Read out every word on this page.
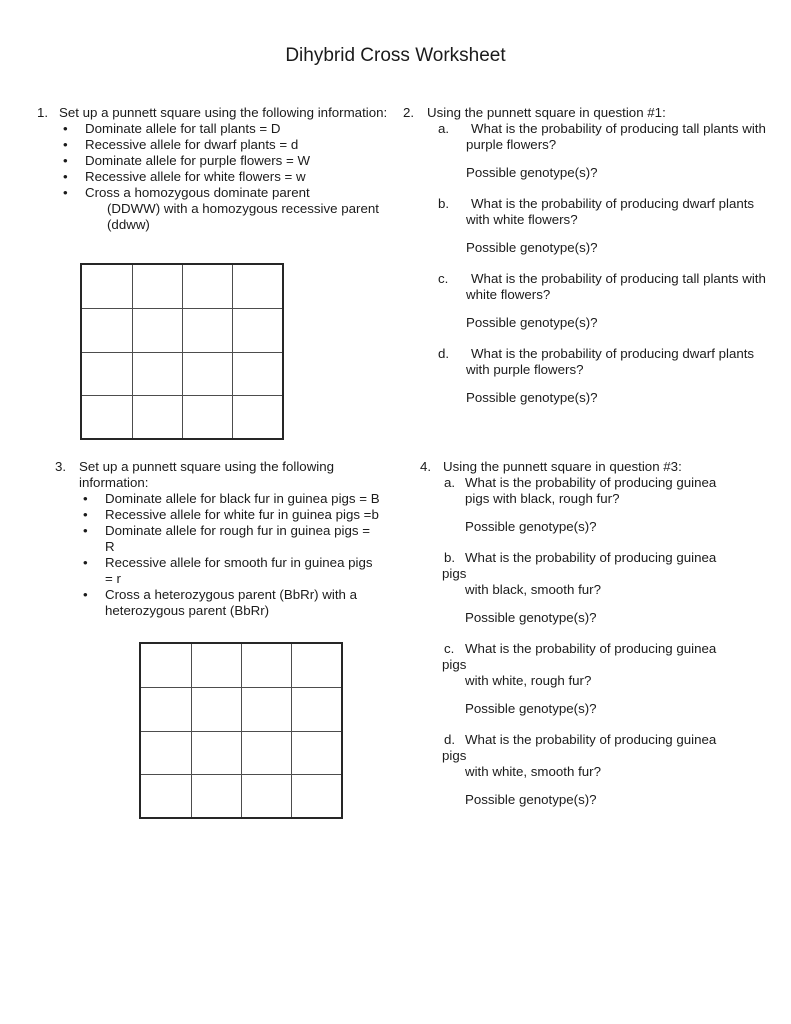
Dihybrid Cross Worksheet
1. Set up a punnett square using the following information:
•	Dominate allele for tall plants = D
•	Recessive allele for dwarf plants = d
•	Dominate allele for purple flowers = W
•	Recessive allele for white flowers = w
•	Cross a homozygous dominate parent
(DDWW) with a homozygous recessive parent
(ddww)
2. Using the punnett square in question #1:
a.	What is the probability of producing tall plants with
purple flowers?
Possible genotype(s)?
b.	What is the probability of producing dwarf plants
with white flowers?
Possible genotype(s)?
c.	What is the probability of producing tall plants with
white flowers?
Possible genotype(s)?
d.	What is the probability of producing dwarf plants
with purple flowers?
Possible genotype(s)?
3. Set up a punnett square using the following
information:
•	Dominate allele for black fur in guinea pigs = B
•	Recessive allele for white fur in guinea pigs =b
•	Dominate allele for rough fur in guinea pigs =
R
•	Recessive allele for smooth fur in guinea pigs
= r
•	Cross a heterozygous parent (BbRr) with a
heterozygous parent (BbRr)
4. Using the punnett square in question #3:
a. What is the probability of producing guinea
pigs with black, rough fur?
Possible genotype(s)?
b. What is the probability of producing guinea
pigs
with black, smooth fur?
Possible genotype(s)?
c. What is the probability of producing guinea
pigs
with white, rough fur?
Possible genotype(s)?
d. What is the probability of producing guinea
pigs
with white, smooth fur?
Possible genotype(s)?
